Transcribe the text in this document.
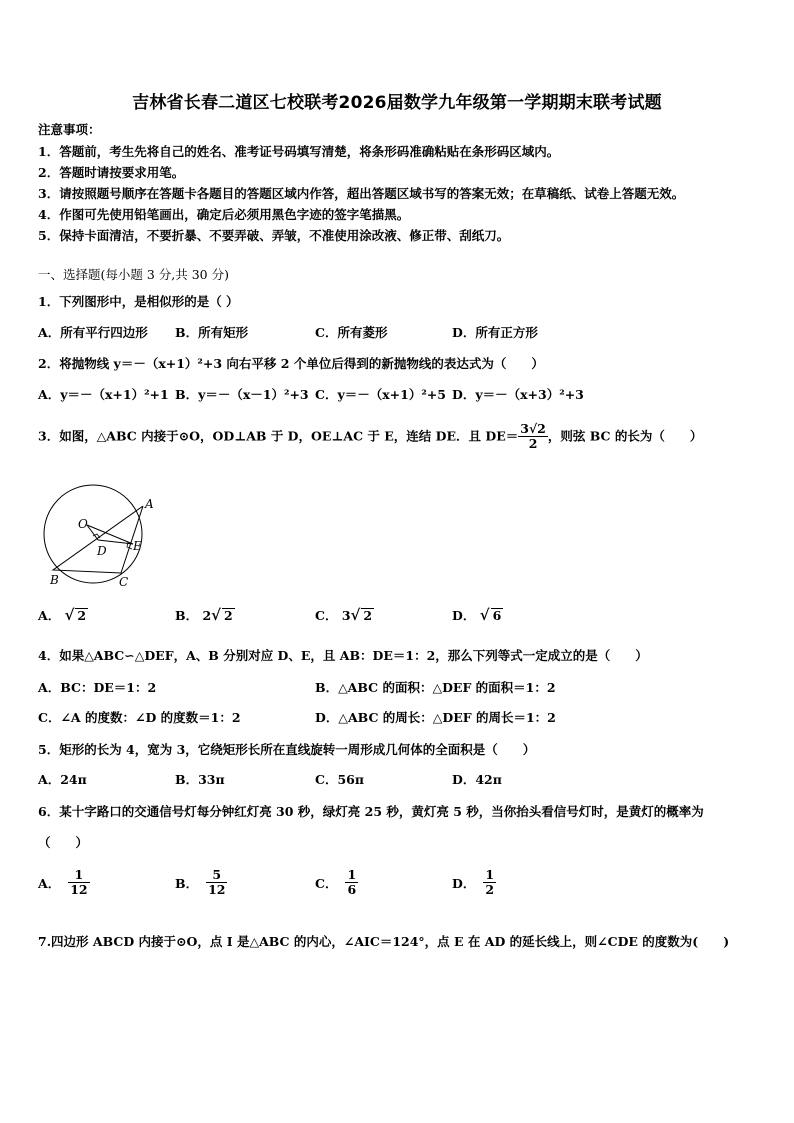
吉林省长春二道区七校联考2026届数学九年级第一学期期末联考试题
注意事项：
1．答题前，考生先将自己的姓名、准考证号码填写清楚，将条形码准确粘贴在条形码区域内。
2．答题时请按要求用笔。
3．请按照题号顺序在答题卡各题目的答题区域内作答，超出答题区域书写的答案无效；在草稿纸、试卷上答题无效。
4．作图可先使用铅笔画出，确定后必须用黑色字迹的签字笔描黑。
5．保持卡面清洁，不要折暴、不要弄破、弄皱，不准使用涂改液、修正带、刮纸刀。
一、选择题(每小题 3 分,共 30 分)
1．下列图形中，是相似形的是（ ）
A．所有平行四边形 B．所有矩形	C．所有菱形	D．所有正方形
2．将抛物线 y＝－（x+1）²+3 向右平移 2 个单位后得到的新抛物线的表达式为（　　）
A．y＝－（x+1）²+1 B．y＝－（x－1）²+3 C．y＝－（x+1）²+5 D．y＝－（x+3）²+3
3．如图，△ABC 内接于⊙O，OD⊥AB 于 D，OE⊥AC 于 E，连结 DE．且 $DE= \frac{3√2}{2}$ ，则弦 BC 的长为（　　）
A
O
D E
B	C
A． √ 2	B． 2√ 2	C． 3√ 2	D． √ 6
4．如果△ABC∽△DEF，A、B 分别对应 D、E，且 AB：DE＝1：2，那么下列等式一定成立的是（　　）
A．BC：DE＝1：2	B．△ABC 的面积：△DEF 的面积＝1：2
C．∠A 的度数：∠D 的度数＝1：2	D．△ABC 的周长：△DEF 的周长＝1：2
5．矩形的长为 4，宽为 3，它绕矩形长所在直线旋转一周形成几何体的全面积是（　　）
A．24π	B．33π	C．56π	D．42π
6．某十字路口的交通信号灯每分钟红灯亮 30 秒，绿灯亮 25 秒，黄灯亮 5 秒，当你抬头看信号灯时，是黄灯的概率为
（　　）
A． $\frac{1}{12}$	B． $\frac{5}{12}$	C． $\frac{1}{6}$	D． $\frac{1}{2}$
7.四边形 ABCD 内接于⊙O，点 I 是△ABC 的内心，∠AIC＝124°，点 E 在 AD 的延长线上，则∠CDE 的度数为(　　)
